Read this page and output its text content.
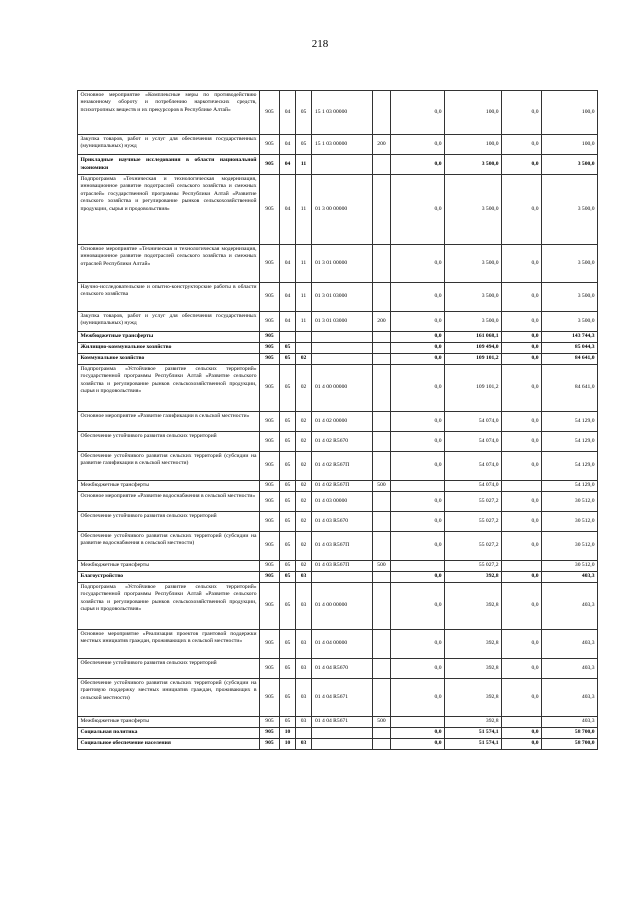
218
Основное мероприятие «Комплексные меры по противодействию незаконному обороту и потреблению наркотических средств, психотропных веществ и их прекурсоров в Республике Алтай»	905	04	05	15 1 03 00000		0,0	100,0	0,0	100,0
Закупка товаров, работ и услуг для обеспечения государственных (муниципальных) нужд	905	04	05	15 1 03 00000	200	0,0	100,0	0,0	100,0
Прикладные научные исследования в области национальной экономики	905	04	11			0,0	3 500,0	0,0	3 500,0
Подпрограмма «Техническая и технологическая модернизация, инновационное развитие подотраслей сельского хозяйства и смежных отраслей» государственной программы Республики Алтай «Развитие сельского хозяйства и регулирование рынков сельскохозяйственной продукции, сырья и продовольствия»	905	04	11	01 3 00 00000		0,0	3 500,0	0,0	3 500,0
Основное мероприятие «Техническая и технологическая модернизация, инновационное развитие подотраслей сельского хозяйства и смежных отраслей Республики Алтай»	905	04	11	01 3 01 00000		0,0	3 500,0	0,0	3 500,0
Научно-исследовательские и опытно-конструкторские работы в области сельского хозяйства	905	04	11	01 3 01 03000		0,0	3 500,0	0,0	3 500,0
Закупка товаров, работ и услуг для обеспечения государственных (муниципальных) нужд	905	04	11	01 3 01 03000	200	0,0	3 500,0	0,0	3 500,0
Межбюджетные трансферты	905					0,0	161 068,1	0,0	143 744,3
Жилищно-коммунальное хозяйство	905	05				0,0	109 494,0	0,0	85 044,3
Коммунальное хозяйство	905	05	02			0,0	109 101,2	0,0	84 641,0
Подпрограмма «Устойчивое развитие сельских территорий» государственной программы Республики Алтай «Развитие сельского хозяйства и регулирование рынков сельскохозяйственной продукции, сырья и продовольствия»	905	05	02	01 4 00 00000		0,0	109 101,2	0,0	84 641,0
Основное мероприятие «Развитие газификации в сельской местности»	905	05	02	01 4 02 00000		0,0	54 074,0	0,0	54 129,0
Обеспечение устойчивого развития сельских территорий	905	05	02	01 4 02 R5670		0,0	54 074,0	0,0	54 129,0
Обеспечение устойчивого развития сельских территорий (субсидии на развитие газификации в сельской местности)	905	05	02	01 4 02 R567П		0,0	54 074,0	0,0	54 129,0
Межбюджетные трансферты	905	05	02	01 4 02 R567П	500		54 074,0		54 129,0
Основное мероприятие «Развитие водоснабжения в сельской местности»	905	05	02	01 4 03 00000		0,0	55 027,2	0,0	30 512,0
Обеспечение устойчивого развития сельских территорий	905	05	02	01 4 03 R5670		0,0	55 027,2	0,0	30 512,0
Обеспечение устойчивого развития сельских территорий (субсидии на развитие водоснабжения в сельской местности)	905	05	02	01 4 03 R567П		0,0	55 027,2	0,0	30 512,0
Межбюджетные трансферты	905	05	02	01 4 03 R567П	500		55 027,2		30 512,0
Благоустройство	905	05	03			0,0	392,8	0,0	403,3
Подпрограмма «Устойчивое развитие сельских территорий» государственной программы Республики Алтай «Развитие сельского хозяйства и регулирование рынков сельскохозяйственной продукции, сырья и продовольствия»	905	05	03	01 4 00 00000		0,0	392,8	0,0	403,3
Основное мероприятие «Реализация проектов грантовой поддержки местных инициатив граждан, проживающих в сельской местности»	905	05	03	01 4 04 00000		0,0	392,8	0,0	403,3
Обеспечение устойчивого развития сельских территорий	905	05	03	01 4 04 R5670		0,0	392,8	0,0	403,3
Обеспечение устойчивого развития сельских территорий (субсидии на грантовую поддержку местных инициатив граждан, проживающих в сельской местности)	905	05	03	01 4 04 R5671		0,0	392,8	0,0	403,3
Межбюджетные трансферты	905	05	03	01 4 04 R5671	500		392,8		403,3
Социальная политика	905	10				0,0	51 574,1	0,0	58 700,0
Социальное обеспечение населения	905	10	03			0,0	51 574,1	0,0	58 700,0
